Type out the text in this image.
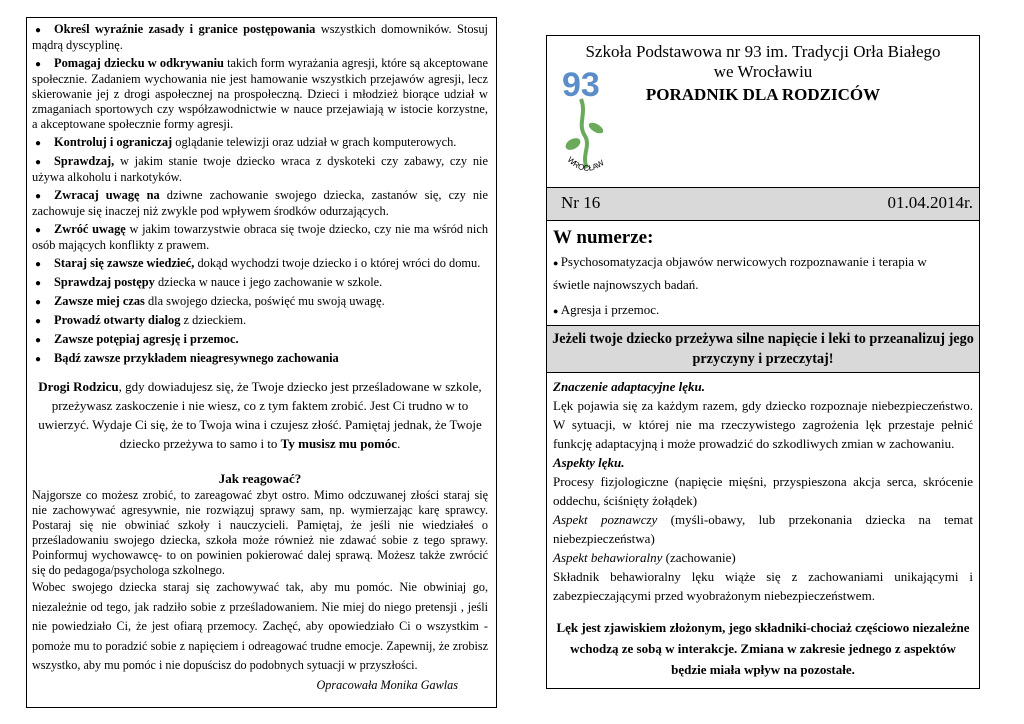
● Określ wyraźnie zasady i granice postępowania wszystkich domowników. Stosuj mądrą dyscyplinę.

● Pomagaj dziecku w odkrywaniu takich form wyrażania agresji, które są akceptowane społecznie. Zadaniem wychowania nie jest hamowanie wszystkich przejawów agresji, lecz skierowanie jej z drogi aspołecznej na prospołeczną. Dzieci i młodzież biorące udział w zmaganiach sportowych czy współzawodnictwie w nauce przejawiają w istocie korzystne, a akceptowane społecznie formy agresji.

● Kontroluj i ograniczaj oglądanie telewizji oraz udział w grach komputerowych.

● Sprawdzaj, w jakim stanie twoje dziecko wraca z dyskoteki czy zabawy, czy nie używa alkoholu i narkotyków.

● Zwracaj uwagę na dziwne zachowanie swojego dziecka, zastanów się, czy nie zachowuje się inaczej niż zwykle pod wpływem środków odurzających.

● Zwróć uwagę w jakim towarzystwie obraca się twoje dziecko, czy nie ma wśród nich osób mających konflikty z prawem.

● Staraj się zawsze wiedzieć, dokąd wychodzi twoje dziecko i o której wróci do domu.

● Sprawdzaj postępy dziecka w nauce i jego zachowanie w szkole.

● Zawsze miej czas dla swojego dziecka, poświęć mu swoją uwagę.

● Prowadź otwarty dialog z dzieckiem.

● Zawsze potępiaj agresję i przemoc.

● Bądź zawsze przykładem nieagresywnego zachowania

Drogi Rodzicu, gdy dowiadujesz się, że Twoje dziecko jest prześladowane w szkole, przeżywasz zaskoczenie i nie wiesz, co z tym faktem zrobić. Jest Ci trudno w to uwierzyć. Wydaje Ci się, że to Twoja wina i czujesz złość. Pamiętaj jednak, że Twoje dziecko przeżywa to samo i to Ty musisz mu pomóc.

Jak reagować?

Najgorsze co możesz zrobić, to zareagować zbyt ostro. Mimo odczuwanej złości staraj się nie zachowywać agresywnie, nie rozwiązuj sprawy sam, np. wymierzając karę sprawcy. Postaraj się nie obwiniać szkoły i nauczycieli. Pamiętaj, że jeśli nie wiedziałeś o prześladowaniu swojego dziecka, szkoła może również nie zdawać sobie z tego sprawy. Poinformuj wychowawcę- to on powinien pokierować dalej sprawą. Możesz także zwrócić się do pedagoga/psychologa szkolnego.

Wobec swojego dziecka staraj się zachowywać tak, aby mu pomóc. Nie obwiniaj go, niezależnie od tego, jak radziło sobie z prześladowaniem. Nie miej do niego pretensji , jeśli nie powiedziało Ci, że jest ofiarą przemocy. Zachęć, aby opowiedziało Ci o wszystkim - pomoże mu to poradzić sobie z napięciem i odreagować trudne emocje. Zapewnij, że zrobisz wszystko, aby mu pomóc i nie dopuścisz do podobnych sytuacji w przyszłości.
Opracowała Monika Gawlas

93
WROCŁAW
Szkoła Podstawowa nr 93 im. Tradycji Orła Białego
we Wrocławiu
PORADNIK DLA RODZICÓW
Nr 16	01.04.2014r.
W numerze:
● Psychosomatyzacja objawów nerwicowych rozpoznawanie i terapia w świetle najnowszych badań.
● Agresja i przemoc.
Jeżeli twoje dziecko przeżywa silne napięcie i leki to przeanalizuj jego przyczyny i przeczytaj!

Znaczenie adaptacyjne lęku.

Lęk pojawia się za każdym razem, gdy dziecko rozpoznaje niebezpieczeństwo. W sytuacji, w której nie ma rzeczywistego zagrożenia lęk przestaje pełnić funkcję adaptacyjną i może prowadzić do szkodliwych zmian w zachowaniu.

Aspekty lęku.

Procesy fizjologiczne (napięcie mięśni, przyspieszona akcja serca, skrócenie oddechu, ściśnięty żołądek)

Aspekt poznawczy (myśli-obawy, lub przekonania dziecka na temat niebezpieczeństwa)

Aspekt behawioralny (zachowanie)

Składnik behawioralny lęku wiąże się z zachowaniami unikającymi i zabezpieczającymi przed wyobrażonym niebezpieczeństwem.

Lęk jest zjawiskiem złożonym, jego składniki-chociaż częściowo niezależne wchodzą ze sobą w interakcje. Zmiana w zakresie jednego z aspektów będzie miała wpływ na pozostałe.
